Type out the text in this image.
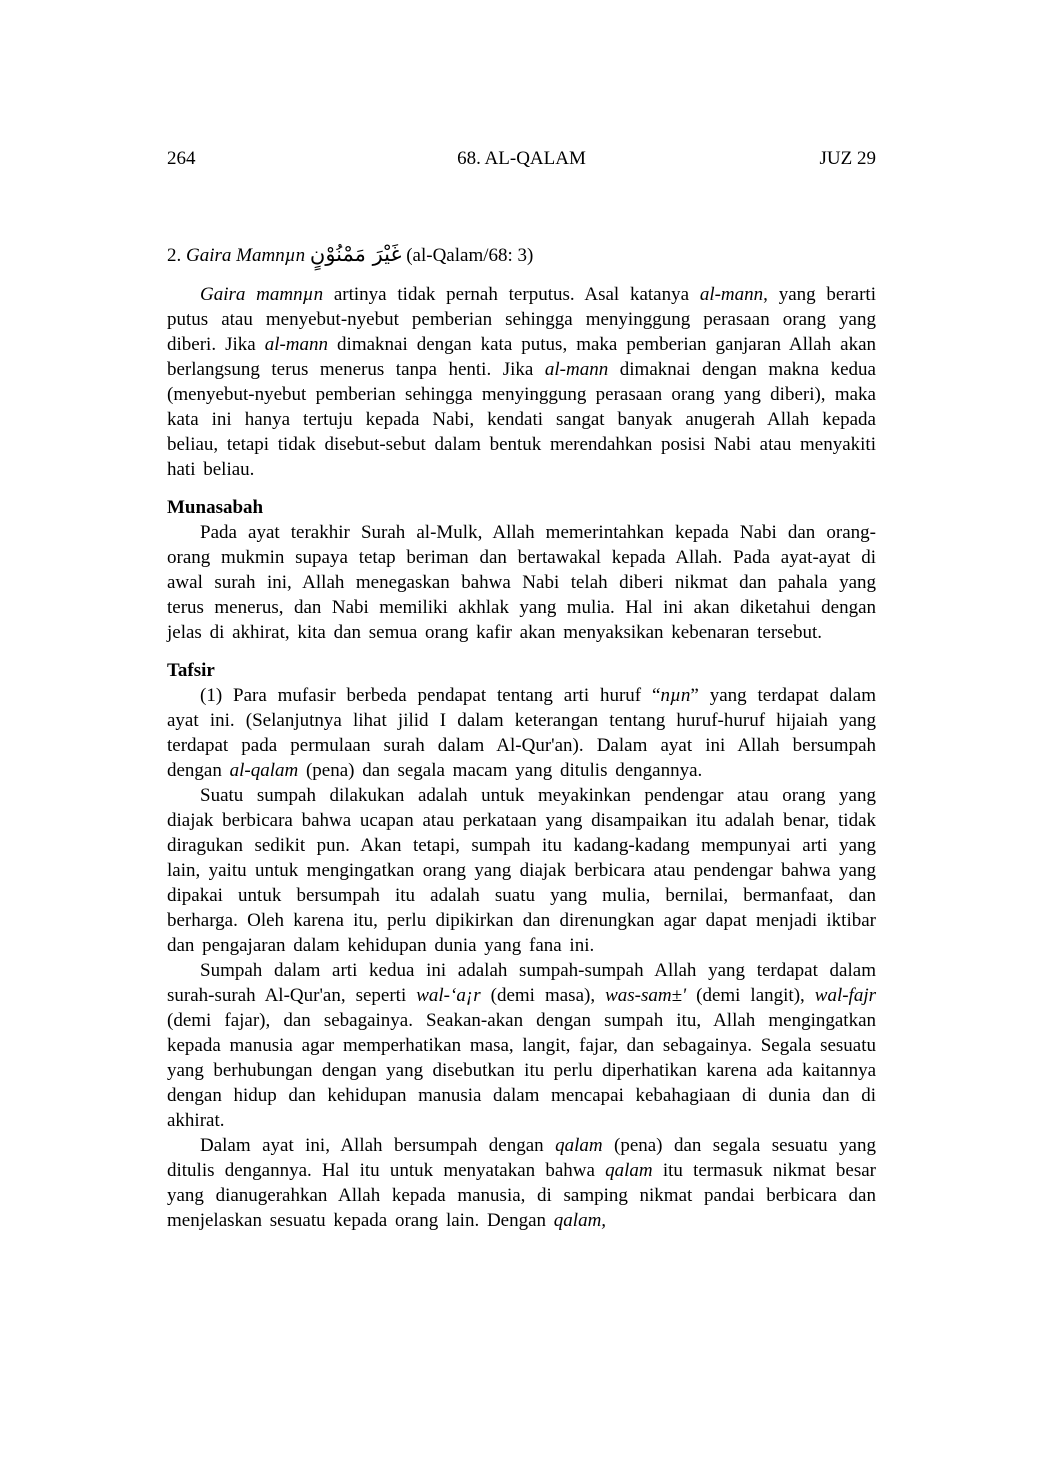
264	68. AL-QALAM	JUZ 29

2. Gaira Mamnµn غَيْرَ مَمْنُوْنٍ (al-Qalam/68: 3)

Gaira mamnµn artinya tidak pernah terputus. Asal katanya al-mann, yang berarti putus atau menyebut-nyebut pemberian sehingga menyinggung perasaan orang yang diberi. Jika al-mann dimaknai dengan kata putus, maka pemberian ganjaran Allah akan berlangsung terus menerus tanpa henti. Jika al-mann dimaknai dengan makna kedua (menyebut-nyebut pemberian sehingga menyinggung perasaan orang yang diberi), maka kata ini hanya tertuju kepada Nabi, kendati sangat banyak anugerah Allah kepada beliau, tetapi tidak disebut-sebut dalam bentuk merendahkan posisi Nabi atau menyakiti hati beliau.

Munasabah

Pada ayat terakhir Surah al-Mulk, Allah memerintahkan kepada Nabi dan orang-orang mukmin supaya tetap beriman dan bertawakal kepada Allah. Pada ayat-ayat di awal surah ini, Allah menegaskan bahwa Nabi telah diberi nikmat dan pahala yang terus menerus, dan Nabi memiliki akhlak yang mulia. Hal ini akan diketahui dengan jelas di akhirat, kita dan semua orang kafir akan menyaksikan kebenaran tersebut.

Tafsir

(1) Para mufasir berbeda pendapat tentang arti huruf “nµn” yang terdapat dalam ayat ini. (Selanjutnya lihat jilid I dalam keterangan tentang huruf-huruf hijaiah yang terdapat pada permulaan surah dalam Al-Qur'an). Dalam ayat ini Allah bersumpah dengan al-qalam (pena) dan segala macam yang ditulis dengannya.

Suatu sumpah dilakukan adalah untuk meyakinkan pendengar atau orang yang diajak berbicara bahwa ucapan atau perkataan yang disampaikan itu adalah benar, tidak diragukan sedikit pun. Akan tetapi, sumpah itu kadang-kadang mempunyai arti yang lain, yaitu untuk mengingatkan orang yang diajak berbicara atau pendengar bahwa yang dipakai untuk bersumpah itu adalah suatu yang mulia, bernilai, bermanfaat, dan berharga. Oleh karena itu, perlu dipikirkan dan direnungkan agar dapat menjadi iktibar dan pengajaran dalam kehidupan dunia yang fana ini.

Sumpah dalam arti kedua ini adalah sumpah-sumpah Allah yang terdapat dalam surah-surah Al-Qur'an, seperti wal-‘a¡r (demi masa), was-sam±' (demi langit), wal-fajr (demi fajar), dan sebagainya. Seakan-akan dengan sumpah itu, Allah mengingatkan kepada manusia agar memperhatikan masa, langit, fajar, dan sebagainya. Segala sesuatu yang berhubungan dengan yang disebutkan itu perlu diperhatikan karena ada kaitannya dengan hidup dan kehidupan manusia dalam mencapai kebahagiaan di dunia dan di akhirat.

Dalam ayat ini, Allah bersumpah dengan qalam (pena) dan segala sesuatu yang ditulis dengannya. Hal itu untuk menyatakan bahwa qalam itu termasuk nikmat besar yang dianugerahkan Allah kepada manusia, di samping nikmat pandai berbicara dan menjelaskan sesuatu kepada orang lain. Dengan qalam,
